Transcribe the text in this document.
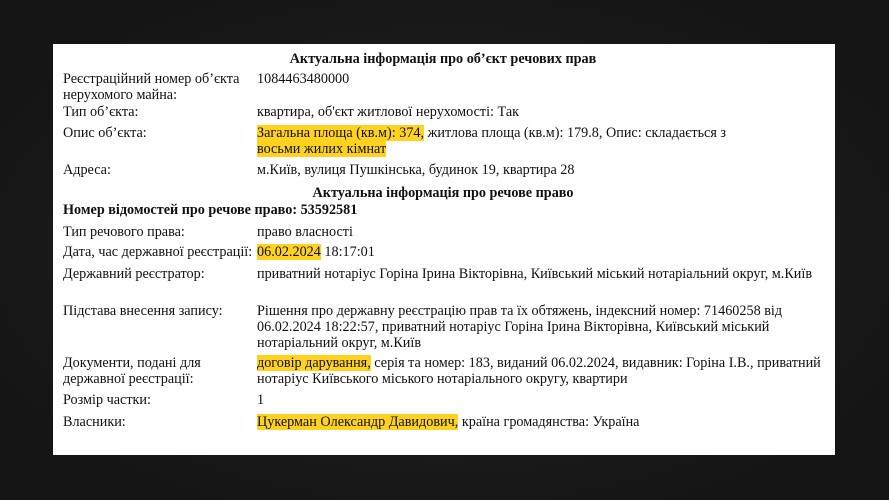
Актуальна інформація про об’єкт речових прав
Реєстраційний номер об’єкта нерухомого майна:
1084463480000
Тип об’єкта:	квартира, об'єкт житлової нерухомості: Так
Опис об’єкта:	Загальна площа (кв.м): 374, житлова площа (кв.м): 179.8, Опис: складається з
восьми жилих кімнат
Адреса:	м.Київ, вулиця Пушкінська, будинок 19, квартира 28
Актуальна інформація про речове право
Номер відомостей про речове право: 53592581
Тип речового права:	право власності
Дата, час державної реєстрації: 06.02.2024 18:17:01
Державний реєстратор:	приватний нотаріус Горіна Ірина Вікторівна, Київський міський нотаріальний округ, м.Київ
Підстава внесення запису:	Рішення про державну реєстрацію прав та їх обтяжень, індексний номер: 71460258 від 06.02.2024 18:22:57, приватний нотаріус Горіна Ірина Вікторівна, Київський міський нотаріальний округ, м.Київ
Документи, подані для державної реєстрації:
договір дарування, серія та номер: 183, виданий 06.02.2024, видавник: Горіна І.В., приватний нотаріус Київського міського нотаріального округу, квартири
Розмір частки:	1
Власники:	Цукерман Олександр Давидович, країна громадянства: Україна
